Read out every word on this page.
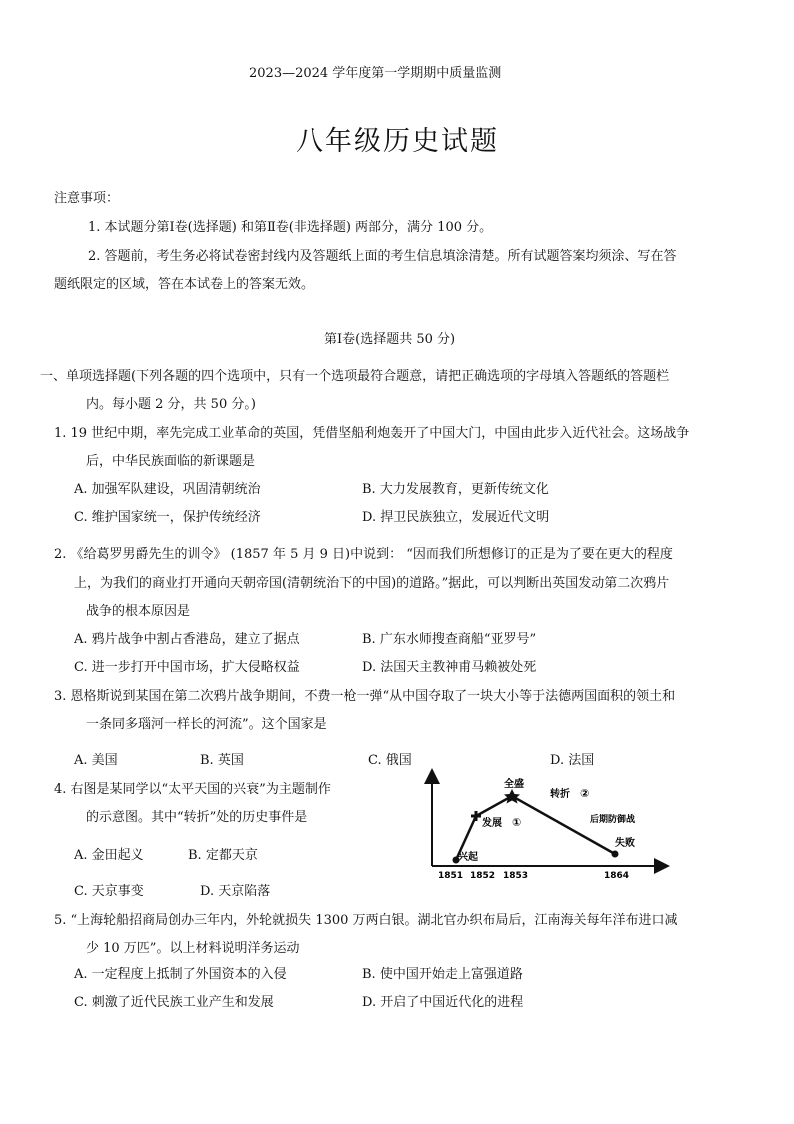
2023—2024 学年度第一学期期中质量监测
八年级历史试题
注意事项：
1. 本试题分第Ⅰ卷(选择题) 和第Ⅱ卷(非选择题) 两部分，满分 100 分。
2. 答题前，考生务必将试卷密封线内及答题纸上面的考生信息填涂清楚。所有试题答案均须涂、写在答
题纸限定的区域，答在本试卷上的答案无效。
第Ⅰ卷(选择题共 50 分)
一、单项选择题(下列各题的四个选项中，只有一个选项最符合题意，请把正确选项的字母填入答题纸的答题栏
内。每小题 2 分，共 50 分。)
1. 19 世纪中期，率先完成工业革命的英国，凭借坚船利炮轰开了中国大门，中国由此步入近代社会。这场战争
后，中华民族面临的新课题是
A. 加强军队建设，巩固清朝统治	B. 大力发展教育，更新传统文化
C. 维护国家统一，保护传统经济	D. 捍卫民族独立，发展近代文明
2. 《给葛罗男爵先生的训令》 (1857 年 5 月 9 日)中说到： “因而我们所想修订的正是为了要在更大的程度
上，为我们的商业打开通向天朝帝国(清朝统治下的中国)的道路。”据此，可以判断出英国发动第二次鸦片
战争的根本原因是
A. 鸦片战争中割占香港岛，建立了据点	B. 广东水师搜查商船“亚罗号”
C. 进一步打开中国市场，扩大侵略权益	D. 法国天主教神甫马赖被处死
3. 恩格斯说到某国在第二次鸦片战争期间，不费一枪一弹“从中国夺取了一块大小等于法德两国面积的领土和
一条同多瑙河一样长的河流”。这个国家是
A. 美国	B. 英国	C. 俄国	D. 法国
4. 右图是某同学以“太平天国的兴衰”为主题制作
的示意图。其中“转折”处的历史事件是
A. 金田起义	B. 定都天京
C. 天京事变	D. 天京陷落
兴起
发展 ①
全盛
转折 ②
后期防御战
失败
1851 1852 1853	1864
5. “上海轮船招商局创办三年内，外轮就损失 1300 万两白银。湖北官办织布局后，江南海关每年洋布进口减
少 10 万匹”。以上材料说明洋务运动
A. 一定程度上抵制了外国资本的入侵	B. 使中国开始走上富强道路
C. 刺激了近代民族工业产生和发展	D. 开启了中国近代化的进程
